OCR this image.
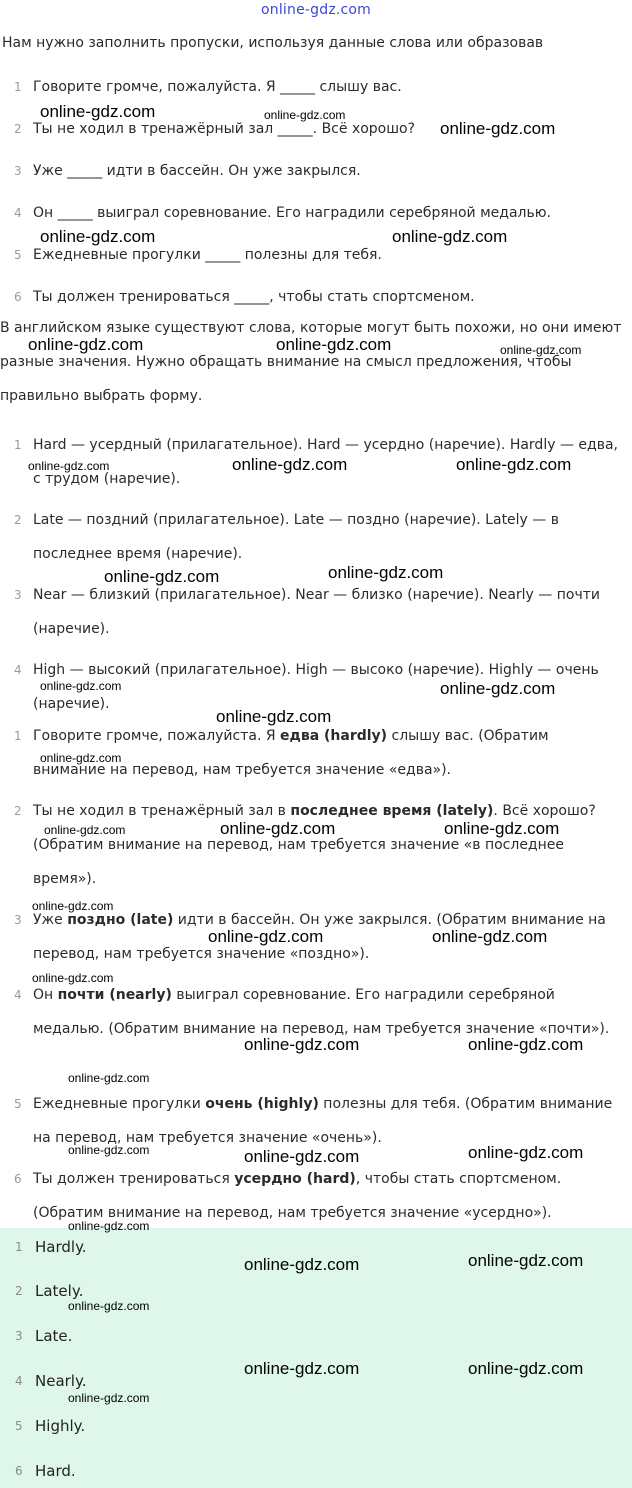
online-gdz.com
Нам нужно заполнить пропуски, используя данные слова или образовав
1 Говорите громче, пожалуйста. Я _____ слышу вас.
2 Ты не ходил в тренажёрный зал _____. Всё хорошо?
3 Уже _____ идти в бассейн. Он уже закрылся.
4 Он _____ выиграл соревнование. Его наградили серебряной медалью.
5 Ежедневные прогулки _____ полезны для тебя.
6 Ты должен тренироваться _____, чтобы стать спортсменом.
В английском языке существуют слова, которые могут быть похожи, но они имеют разные значения. Нужно обращать внимание на смысл предложения, чтобы правильно выбрать форму.
1 Hard — усердный (прилагательное). Hard — усердно (наречие). Hardly — едва, с трудом (наречие).
2 Late — поздний (прилагательное). Late — поздно (наречие). Lately — в последнее время (наречие).
3 Near — близкий (прилагательное). Near — близко (наречие). Nearly — почти (наречие).
4 High — высокий (прилагательное). High — высоко (наречие). Highly — очень (наречие).
1 Говорите громче, пожалуйста. Я едва (hardly) слышу вас. (Обратим внимание на перевод, нам требуется значение «едва»).
2 Ты не ходил в тренажёрный зал в последнее время (lately). Всё хорошо? (Обратим внимание на перевод, нам требуется значение «в последнее время»).
3 Уже поздно (late) идти в бассейн. Он уже закрылся. (Обратим внимание на перевод, нам требуется значение «поздно»).
4 Он почти (nearly) выиграл соревнование. Его наградили серебряной медалью. (Обратим внимание на перевод, нам требуется значение «почти»).
5 Ежедневные прогулки очень (highly) полезны для тебя. (Обратим внимание на перевод, нам требуется значение «очень»).
6 Ты должен тренироваться усердно (hard), чтобы стать спортсменом. (Обратим внимание на перевод, нам требуется значение «усердно»).
1 Hardly.
2 Lately.
3 Late.
4 Nearly.
5 Highly.
6 Hard.
online-gdz.com	online-gdz.com
online-gdz.com
online-gdz.com	online-gdz.com
online-gdz.com	online-gdz.com	online-gdz.com
online-gdz.com	online-gdz.com	online-gdz.com
online-gdz.com	online-gdz.com
online-gdz.com	online-gdz.com
online-gdz.com
online-gdz.com
online-gdz.com	online-gdz.com	online-gdz.com
online-gdz.com
online-gdz.com	online-gdz.com
online-gdz.com
online-gdz.com	online-gdz.com
online-gdz.com
online-gdz.com	online-gdz.com	online-gdz.com
online-gdz.com
online-gdz.com	online-gdz.com
online-gdz.com
online-gdz.com	online-gdz.com
online-gdz.com
